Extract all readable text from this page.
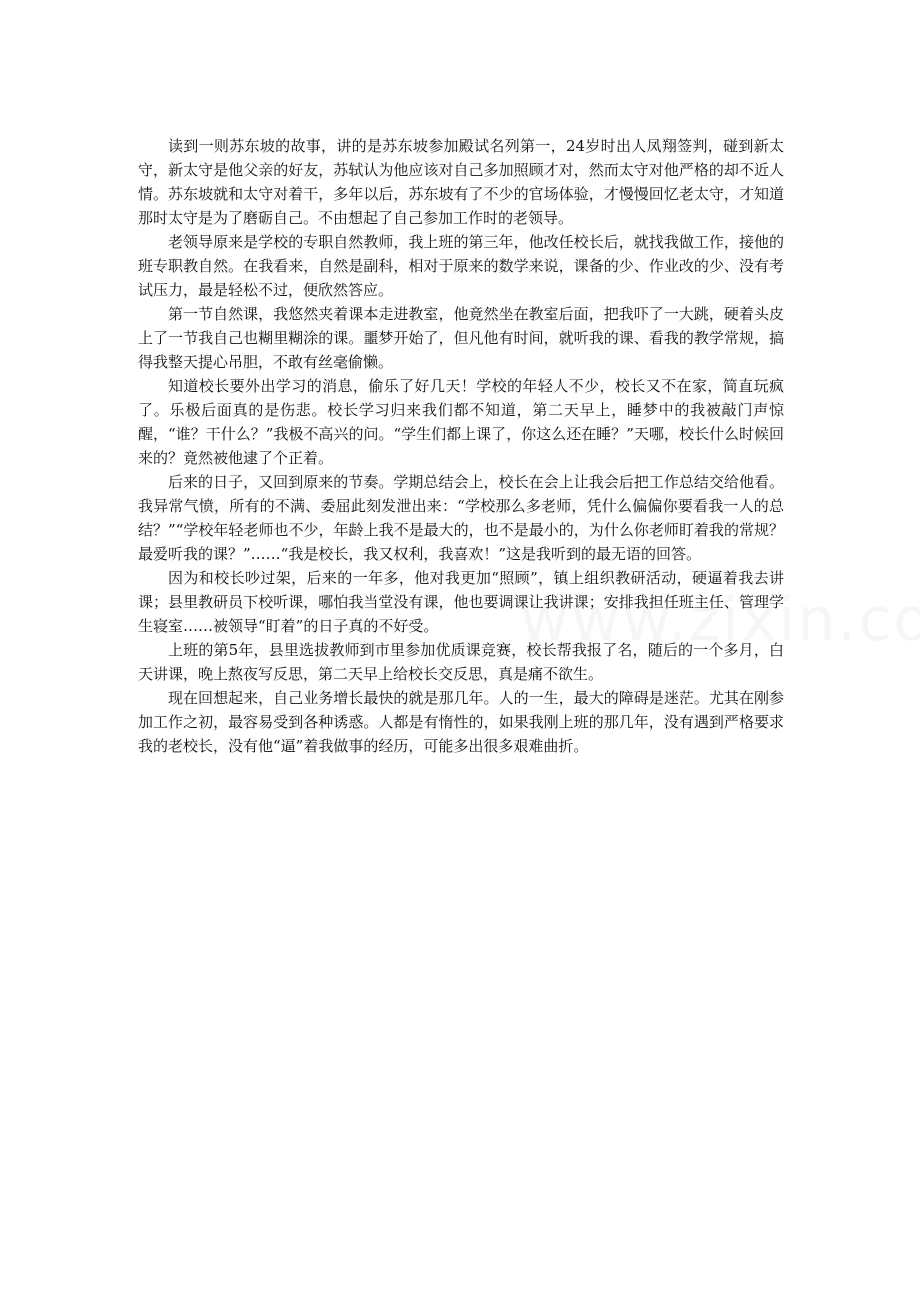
读到一则苏东坡的故事，讲的是苏东坡参加殿试名列第一，24岁时出人凤翔签判，碰到新太守，新太守是他父亲的好友，苏轼认为他应该对自己多加照顾才对，然而太守对他严格的却不近人情。苏东坡就和太守对着干，多年以后，苏东坡有了不少的官场体验，才慢慢回忆老太守，才知道那时太守是为了磨砺自己。不由想起了自己参加工作时的老领导。

老领导原来是学校的专职自然教师，我上班的第三年，他改任校长后，就找我做工作，接他的班专职教自然。在我看来，自然是副科，相对于原来的数学来说，课备的少、作业改的少、没有考试压力，最是轻松不过，便欣然答应。

第一节自然课，我悠然夹着课本走进教室，他竟然坐在教室后面，把我吓了一大跳，硬着头皮上了一节我自己也糊里糊涂的课。噩梦开始了，但凡他有时间，就听我的课、看我的教学常规，搞得我整天提心吊胆，不敢有丝毫偷懒。

知道校长要外出学习的消息，偷乐了好几天！学校的年轻人不少，校长又不在家，简直玩疯了。乐极后面真的是伤悲。校长学习归来我们都不知道，第二天早上，睡梦中的我被敲门声惊醒，“谁？干什么？”我极不高兴的问。“学生们都上课了，你这么还在睡？”天哪，校长什么时候回来的？竟然被他逮了个正着。

后来的日子，又回到原来的节奏。学期总结会上，校长在会上让我会后把工作总结交给他看。我异常气愤，所有的不满、委屈此刻发泄出来：“学校那么多老师，凭什么偏偏你要看我一人的总结？”“学校年轻老师也不少，年龄上我不是最大的，也不是最小的，为什么你老师盯着我的常规？最爱听我的课？”……“我是校长，我又权利，我喜欢！”这是我听到的最无语的回答。

因为和校长吵过架，后来的一年多，他对我更加“照顾”，镇上组织教研活动，硬逼着我去讲课；县里教研员下校听课，哪怕我当堂没有课，他也要调课让我讲课；安排我担任班主任、管理学生寝室……被领导“盯着”的日子真的不好受。

上班的第5年，县里选拔教师到市里参加优质课竞赛，校长帮我报了名，随后的一个多月，白天讲课，晚上熬夜写反思，第二天早上给校长交反思，真是痛不欲生。

现在回想起来，自己业务增长最快的就是那几年。人的一生，最大的障碍是迷茫。尤其在刚参加工作之初，最容易受到各种诱惑。人都是有惰性的，如果我刚上班的那几年，没有遇到严格要求我的老校长，没有他“逼”着我做事的经历，可能多出很多艰难曲折。
